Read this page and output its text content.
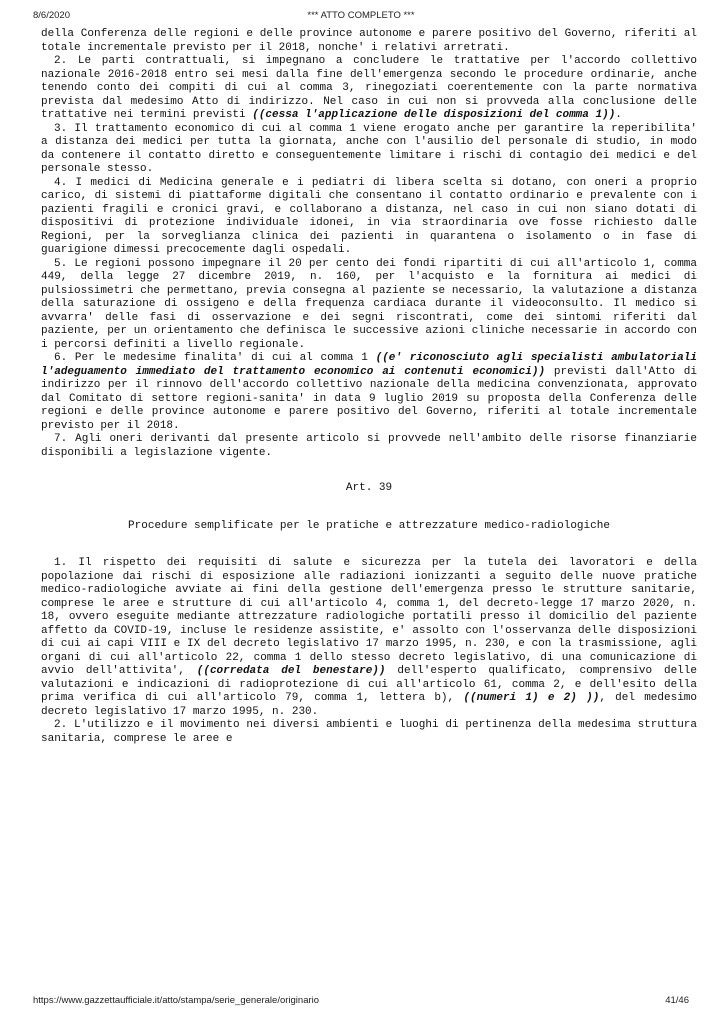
8/6/2020	*** ATTO COMPLETO ***

della Conferenza delle regioni e delle province autonome e parere positivo del Governo, riferiti al totale incrementale previsto per il 2018, nonche' i relativi arretrati.

2. Le parti contrattuali, si impegnano a concludere le trattative per l'accordo collettivo nazionale 2016-2018 entro sei mesi dalla fine dell'emergenza secondo le procedure ordinarie, anche tenendo conto dei compiti di cui al comma 3, rinegoziati coerentemente con la parte normativa prevista dal medesimo Atto di indirizzo. Nel caso in cui non si provveda alla conclusione delle trattative nei termini previsti ((cessa l'applicazione delle disposizioni del comma 1)).

3. Il trattamento economico di cui al comma 1 viene erogato anche per garantire la reperibilita' a distanza dei medici per tutta la giornata, anche con l'ausilio del personale di studio, in modo da contenere il contatto diretto e conseguentemente limitare i rischi di contagio dei medici e del personale stesso.

4. I medici di Medicina generale e i pediatri di libera scelta si dotano, con oneri a proprio carico, di sistemi di piattaforme digitali che consentano il contatto ordinario e prevalente con i pazienti fragili e cronici gravi, e collaborano a distanza, nel caso in cui non siano dotati di dispositivi di protezione individuale idonei, in via straordinaria ove fosse richiesto dalle Regioni, per la sorveglianza clinica dei pazienti in quarantena o isolamento o in fase di guarigione dimessi precocemente dagli ospedali.

5. Le regioni possono impegnare il 20 per cento dei fondi ripartiti di cui all'articolo 1, comma 449, della legge 27 dicembre 2019, n. 160, per l'acquisto e la fornitura ai medici di pulsiossimetri che permettano, previa consegna al paziente se necessario, la valutazione a distanza della saturazione di ossigeno e della frequenza cardiaca durante il videoconsulto. Il medico si avvarra' delle fasi di osservazione e dei segni riscontrati, come dei sintomi riferiti dal paziente, per un orientamento che definisca le successive azioni cliniche necessarie in accordo con i percorsi definiti a livello regionale.

6. Per le medesime finalita' di cui al comma 1 ((e' riconosciuto agli specialisti ambulatoriali l'adeguamento immediato del trattamento economico ai contenuti economici)) previsti dall'Atto di indirizzo per il rinnovo dell'accordo collettivo nazionale della medicina convenzionata, approvato dal Comitato di settore regioni-sanita' in data 9 luglio 2019 su proposta della Conferenza delle regioni e delle province autonome e parere positivo del Governo, riferiti al totale incrementale previsto per il 2018.

7. Agli oneri derivanti dal presente articolo si provvede nell'ambito delle risorse finanziarie disponibili a legislazione vigente.

Art. 39
Procedure semplificate per le pratiche e attrezzature medico-radiologiche

1. Il rispetto dei requisiti di salute e sicurezza per la tutela dei lavoratori e della popolazione dai rischi di esposizione alle radiazioni ionizzanti a seguito delle nuove pratiche medico-radiologiche avviate ai fini della gestione dell'emergenza presso le strutture sanitarie, comprese le aree e strutture di cui all'articolo 4, comma 1, del decreto-legge 17 marzo 2020, n. 18, ovvero eseguite mediante attrezzature radiologiche portatili presso il domicilio del paziente affetto da COVID-19, incluse le residenze assistite, e' assolto con l'osservanza delle disposizioni di cui ai capi VIII e IX del decreto legislativo 17 marzo 1995, n. 230, e con la trasmissione, agli organi di cui all'articolo 22, comma 1 dello stesso decreto legislativo, di una comunicazione di avvio dell'attivita', ((corredata del benestare)) dell'esperto qualificato, comprensivo delle valutazioni e indicazioni di radioprotezione di cui all'articolo 61, comma 2, e dell'esito della prima verifica di cui all'articolo 79, comma 1, lettera b), ((numeri 1) e 2) )), del medesimo decreto legislativo 17 marzo 1995, n. 230.

2. L'utilizzo e il movimento nei diversi ambienti e luoghi di pertinenza della medesima struttura sanitaria, comprese le aree e

https://www.gazzettaufficiale.it/atto/stampa/serie_generale/originario	41/46
